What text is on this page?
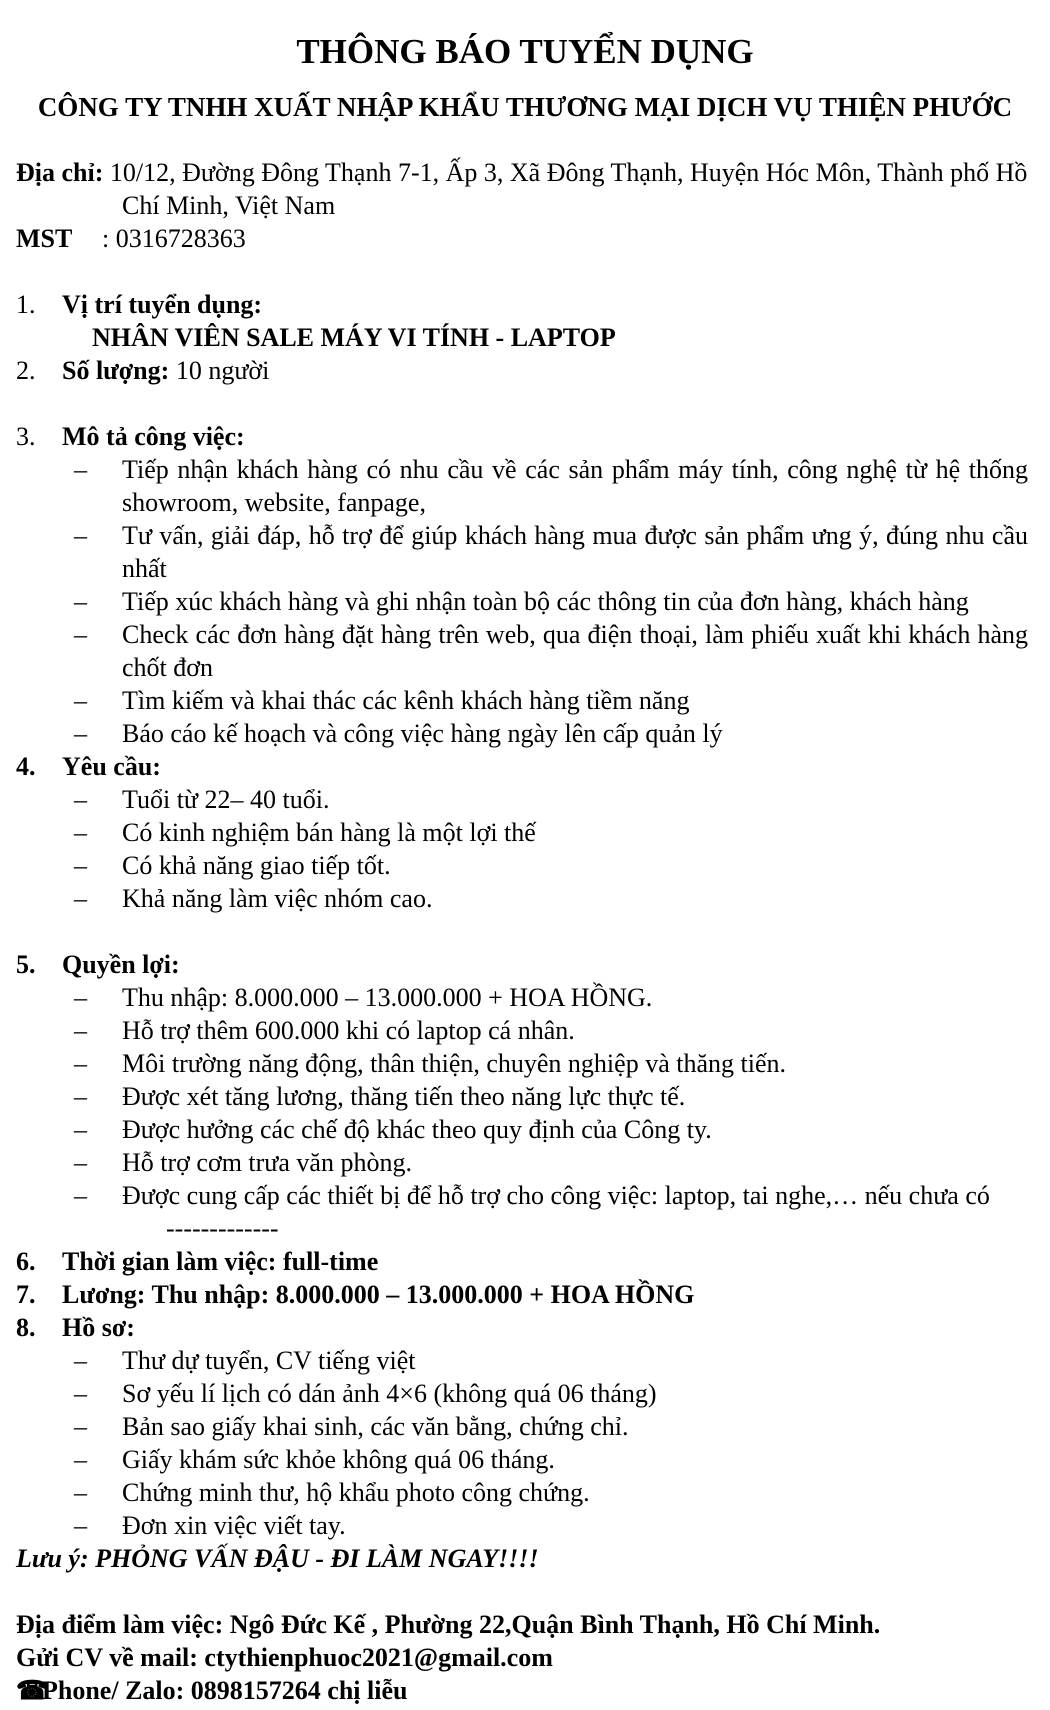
THÔNG BÁO TUYỂN DỤNG
CÔNG TY TNHH XUẤT NHẬP KHẨU THƯƠNG MẠI DỊCH VỤ THIỆN PHƯỚC
Địa chỉ: 10/12, Đường Đông Thạnh 7-1, Ấp 3, Xã Đông Thạnh, Huyện Hóc Môn, Thành phố Hồ Chí Minh, Việt Nam
MST : 0316728363
1.	Vị trí tuyển dụng:
NHÂN VIÊN SALE MÁY VI TÍNH - LAPTOP
2.	Số lượng: 10 người
3.	Mô tả công việc:
–	Tiếp nhận khách hàng có nhu cầu về các sản phẩm máy tính, công nghệ từ hệ thống showroom, website, fanpage,
–	Tư vấn, giải đáp, hỗ trợ để giúp khách hàng mua được sản phẩm ưng ý, đúng nhu cầu nhất
–	Tiếp xúc khách hàng và ghi nhận toàn bộ các thông tin của đơn hàng, khách hàng
–	Check các đơn hàng đặt hàng trên web, qua điện thoại, làm phiếu xuất khi khách hàng chốt đơn
–	Tìm kiếm và khai thác các kênh khách hàng tiềm năng
–	Báo cáo kế hoạch và công việc hàng ngày lên cấp quản lý
4.	Yêu cầu:
–	Tuổi từ 22– 40 tuổi.
–	Có kinh nghiệm bán hàng là một lợi thế
–	Có khả năng giao tiếp tốt.
–	Khả năng làm việc nhóm cao.
5.	Quyền lợi:
–	Thu nhập: 8.000.000 – 13.000.000 + HOA HỒNG.
–	Hỗ trợ thêm 600.000 khi có laptop cá nhân.
–	Môi trường năng động, thân thiện, chuyên nghiệp và thăng tiến.
–	Được xét tăng lương, thăng tiến theo năng lực thực tế.
–	Được hưởng các chế độ khác theo quy định của Công ty.
–	Hỗ trợ cơm trưa văn phòng.
–	Được cung cấp các thiết bị để hỗ trợ cho công việc: laptop, tai nghe,… nếu chưa có
-------------
6.	Thời gian làm việc: full-time
7.	Lương: Thu nhập: 8.000.000 – 13.000.000 + HOA HỒNG
8.	Hồ sơ:
–	Thư dự tuyển, CV tiếng việt
–	Sơ yếu lí lịch có dán ảnh 4×6 (không quá 06 tháng)
–	Bản sao giấy khai sinh, các văn bằng, chứng chỉ.
–	Giấy khám sức khỏe không quá 06 tháng.
–	Chứng minh thư, hộ khẩu photo công chứng.
–	Đơn xin việc viết tay.
Lưu ý: PHỎNG VẤN ĐẬU - ĐI LÀM NGAY!!!!
Địa điểm làm việc: Ngô Đức Kế , Phường 22,Quận Bình Thạnh, Hồ Chí Minh.
Gửi CV về mail: ctythienphuoc2021@gmail.com
☎Phone/ Zalo: 0898157264 chị liễu
